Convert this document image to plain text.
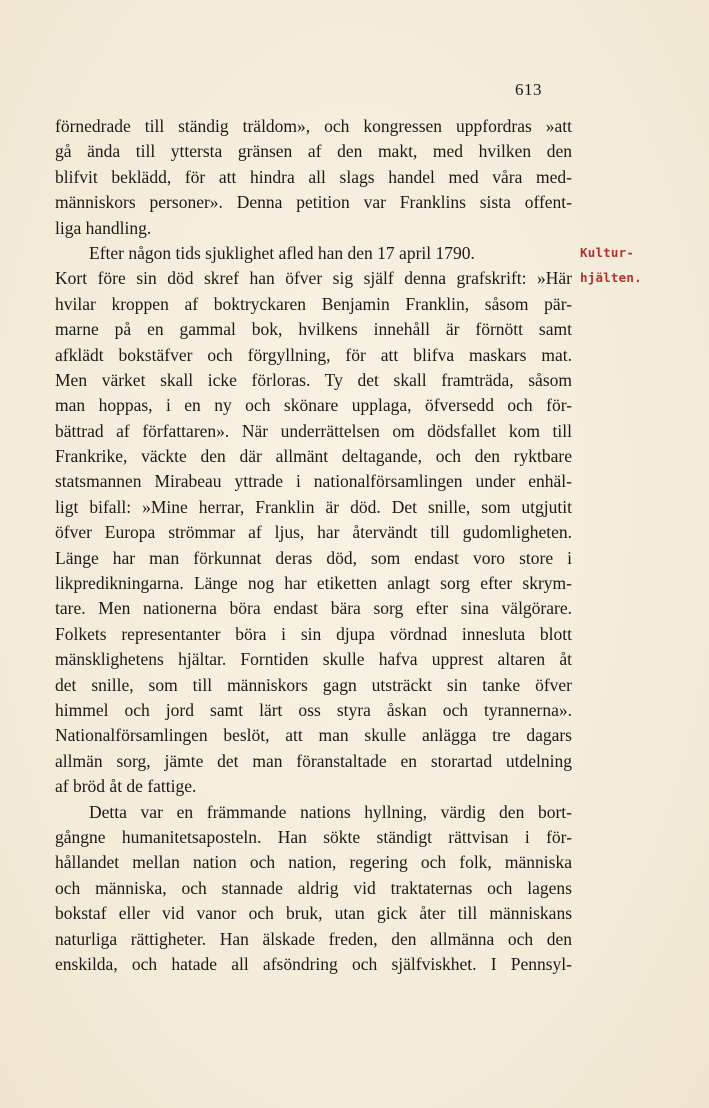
613
Kultur-
hjälten.
förnedrade till ständig träldom», och kongressen uppfordras »att
gå ända till yttersta gränsen af den makt, med hvilken den
blifvit beklädd, för att hindra all slags handel med våra med-
människors personer». Denna petition var Franklins sista offent-
liga handling.
Efter någon tids sjuklighet afled han den 17 april 1790.
Kort före sin död skref han öfver sig själf denna grafskrift: »Här
hvilar kroppen af boktryckaren Benjamin Franklin, såsom pär-
marne på en gammal bok, hvilkens innehåll är förnött samt
afklädt bokstäfver och förgyllning, för att blifva maskars mat.
Men värket skall icke förloras. Ty det skall framträda, såsom
man hoppas, i en ny och skönare upplaga, öfversedd och för-
bättrad af författaren». När underrättelsen om dödsfallet kom till
Frankrike, väckte den där allmänt deltagande, och den ryktbare
statsmannen Mirabeau yttrade i nationalförsamlingen under enhäl-
ligt bifall: »Mine herrar, Franklin är död. Det snille, som utgjutit
öfver Europa strömmar af ljus, har återvändt till gudomligheten.
Länge har man förkunnat deras död, som endast voro store i
likpredikningarna. Länge nog har etiketten anlagt sorg efter skrym-
tare. Men nationerna böra endast bära sorg efter sina välgörare.
Folkets representanter böra i sin djupa vördnad innesluta blott
mänsklighetens hjältar. Forntiden skulle hafva upprest altaren åt
det snille, som till människors gagn utsträckt sin tanke öfver
himmel och jord samt lärt oss styra åskan och tyrannerna».
Nationalförsamlingen beslöt, att man skulle anlägga tre dagars
allmän sorg, jämte det man föranstaltade en storartad utdelning
af bröd åt de fattige.
Detta var en främmande nations hyllning, värdig den bort-
gångne humanitetsaposteln. Han sökte ständigt rättvisan i för-
hållandet mellan nation och nation, regering och folk, människa
och människa, och stannade aldrig vid traktaternas och lagens
bokstaf eller vid vanor och bruk, utan gick åter till människans
naturliga rättigheter. Han älskade freden, den allmänna och den
enskilda, och hatade all afsöndring och själfviskhet. I Pennsyl-
